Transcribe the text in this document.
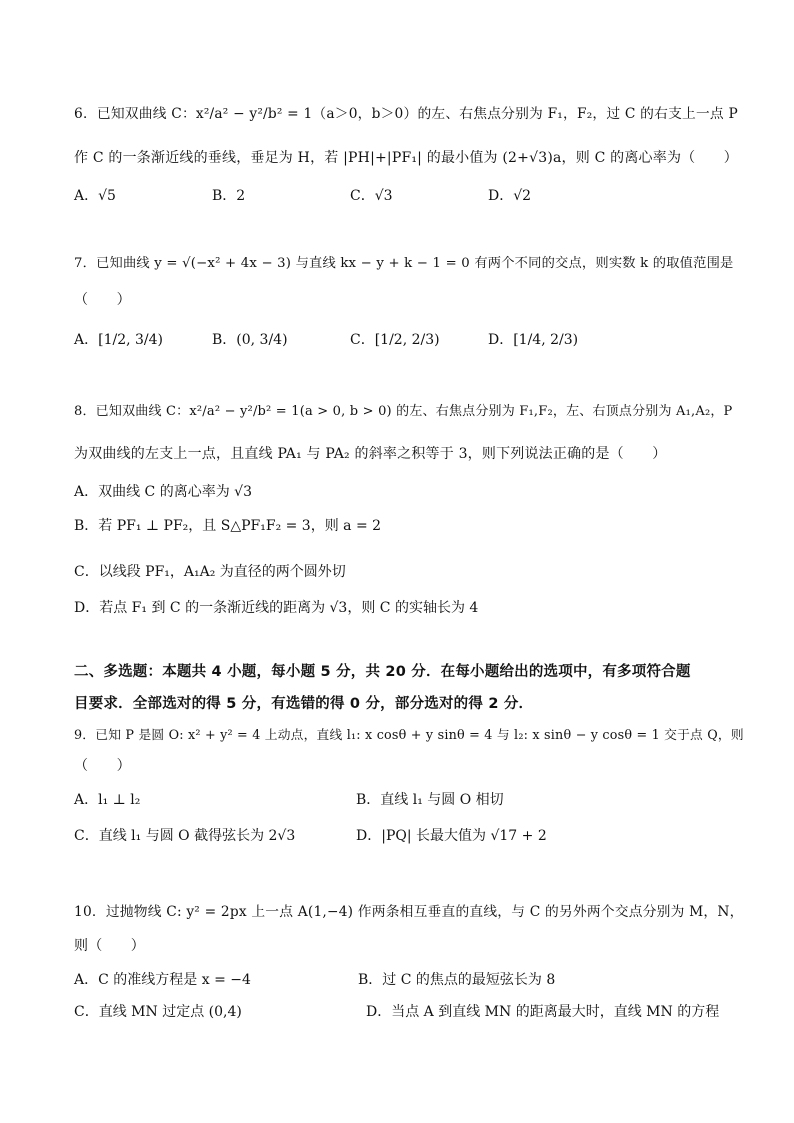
6．已知双曲线 C：x²/a² − y²/b² = 1（a＞0，b＞0）的左、右焦点分别为 F₁，F₂，过 C 的右支上一点 P
作 C 的一条渐近线的垂线，垂足为 H，若 |PH|+|PF₁| 的最小值为 (2+√3)a，则 C 的离心率为（　　）
A．√5	B．2	C．√3	D．√2
7．已知曲线 y = √(−x² + 4x − 3) 与直线 kx − y + k − 1 = 0 有两个不同的交点，则实数 k 的取值范围是
（　　）
A．[1/2, 3/4)	B．(0, 3/4)	C．[1/2, 2/3)	D．[1/4, 2/3)
8．已知双曲线 C：x²/a² − y²/b² = 1(a > 0, b > 0) 的左、右焦点分别为 F₁,F₂，左、右顶点分别为 A₁,A₂，P
为双曲线的左支上一点，且直线 PA₁ 与 PA₂ 的斜率之积等于 3，则下列说法正确的是（　　）
A．双曲线 C 的离心率为 √3
B．若 PF₁ ⊥ PF₂，且 S△PF₁F₂ = 3，则 a = 2
C．以线段 PF₁，A₁A₂ 为直径的两个圆外切
D．若点 F₁ 到 C 的一条渐近线的距离为 √3，则 C 的实轴长为 4
二、多选题：本题共 4 小题，每小题 5 分，共 20 分．在每小题给出的选项中，有多项符合题
目要求．全部选对的得 5 分，有选错的得 0 分，部分选对的得 2 分．
9．已知 P 是圆 O: x² + y² = 4 上动点，直线 l₁: x cosθ + y sinθ = 4 与 l₂: x sinθ − y cosθ = 1 交于点 Q，则
（　　）
A．l₁ ⊥ l₂	B．直线 l₁ 与圆 O 相切
C．直线 l₁ 与圆 O 截得弦长为 2√3	D．|PQ| 长最大值为 √17 + 2
10．过抛物线 C: y² = 2px 上一点 A(1,−4) 作两条相互垂直的直线，与 C 的另外两个交点分别为 M，N，
则（　　）
A．C 的准线方程是 x = −4	B．过 C 的焦点的最短弦长为 8
C．直线 MN 过定点 (0,4)	D．当点 A 到直线 MN 的距离最大时，直线 MN 的方程
